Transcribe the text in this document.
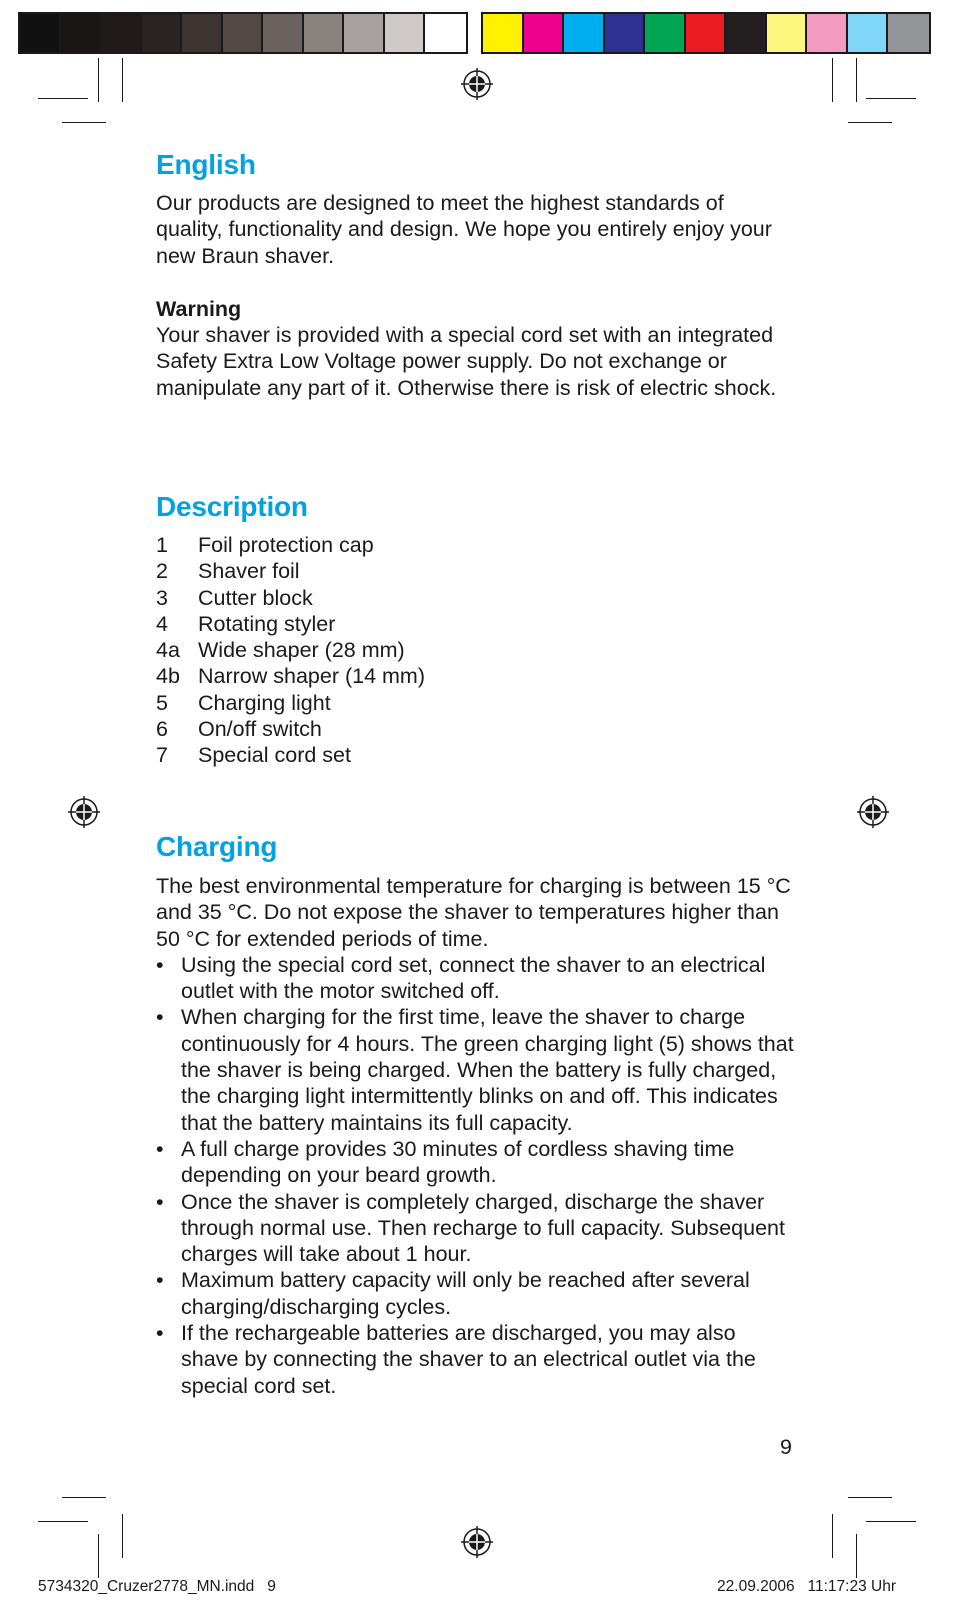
English

Our products are designed to meet the highest standards of quality, functionality and design. We hope you entirely enjoy your new Braun shaver.

Warning

Your shaver is provided with a special cord set with an integrated Safety Extra Low Voltage power supply. Do not exchange or manipulate any part of it. Otherwise there is risk of electric shock.

Description
1	Foil protection cap
2	Shaver foil
3	Cutter block
4	Rotating styler
4a Wide shaper (28 mm)
4b Narrow shaper (14 mm)
5	Charging light
6	On/off switch
7	Special cord set
Charging

The best environmental temperature for charging is between 15 °C and 35 °C. Do not expose the shaver to temperatures higher than 50 °C for extended periods of time.

• Using the special cord set, connect the shaver to an electrical outlet with the motor switched off.
• When charging for the first time, leave the shaver to charge continuously for 4 hours. The green charging light (5) shows that the shaver is being charged. When the battery is fully charged, the charging light intermittently blinks on and off. This indicates that the battery maintains its full capacity.
• A full charge provides 30 minutes of cordless shaving time depending on your beard growth.
• Once the shaver is completely charged, discharge the shaver through normal use. Then recharge to full capacity. Subsequent charges will take about 1 hour.
• Maximum battery capacity will only be reached after several charging/discharging cycles.
• If the rechargeable batteries are discharged, you may also shave by connecting the shaver to an electrical outlet via the special cord set.
9
5734320_Cruzer2778_MN.indd   9	22.09.2006   11:17:23 Uhr
